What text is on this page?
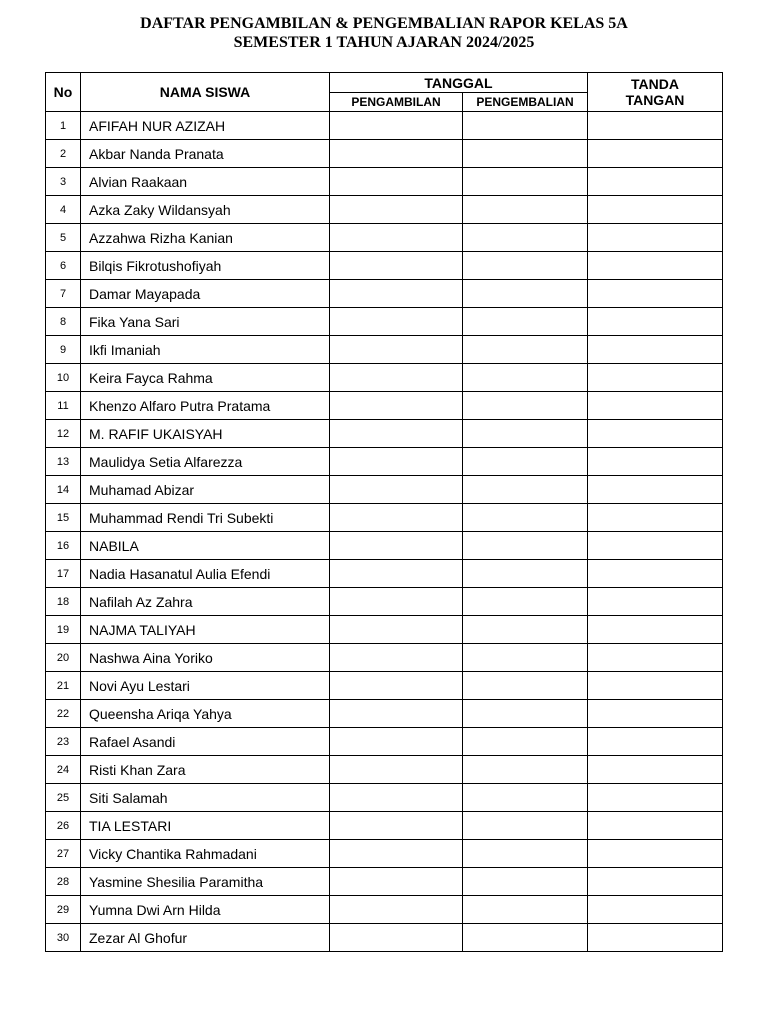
DAFTAR PENGAMBILAN & PENGEMBALIAN RAPOR KELAS 5A
SEMESTER 1 TAHUN AJARAN 2024/2025
No	NAMA SISWA	TANGGAL		TANDA
TANGAN

		PENGAMBILAN	PENGEMBALIAN	
1	AFIFAH NUR AZIZAH			
2	Akbar Nanda Pranata			
3	Alvian Raakaan			
4	Azka Zaky Wildansyah			
5	Azzahwa Rizha Kanian			
6	Bilqis Fikrotushofiyah			
7	Damar Mayapada			
8	Fika Yana Sari			
9	Ikfi Imaniah			
10	Keira Fayca Rahma			
11	Khenzo Alfaro Putra Pratama			
12	M. RAFIF UKAISYAH			
13	Maulidya Setia Alfarezza			
14	Muhamad Abizar			
15	Muhammad Rendi Tri Subekti			
16	NABILA			
17	Nadia Hasanatul Aulia Efendi			
18	Nafilah Az Zahra			
19	NAJMA TALIYAH			
20	Nashwa Aina Yoriko			
21	Novi Ayu Lestari			
22	Queensha Ariqa Yahya			
23	Rafael Asandi			
24	Risti Khan Zara			
25	Siti Salamah			
26	TIA LESTARI			
27	Vicky Chantika Rahmadani			
28	Yasmine Shesilia Paramitha			
29	Yumna Dwi Arn Hilda			
30	Zezar Al Ghofur			
